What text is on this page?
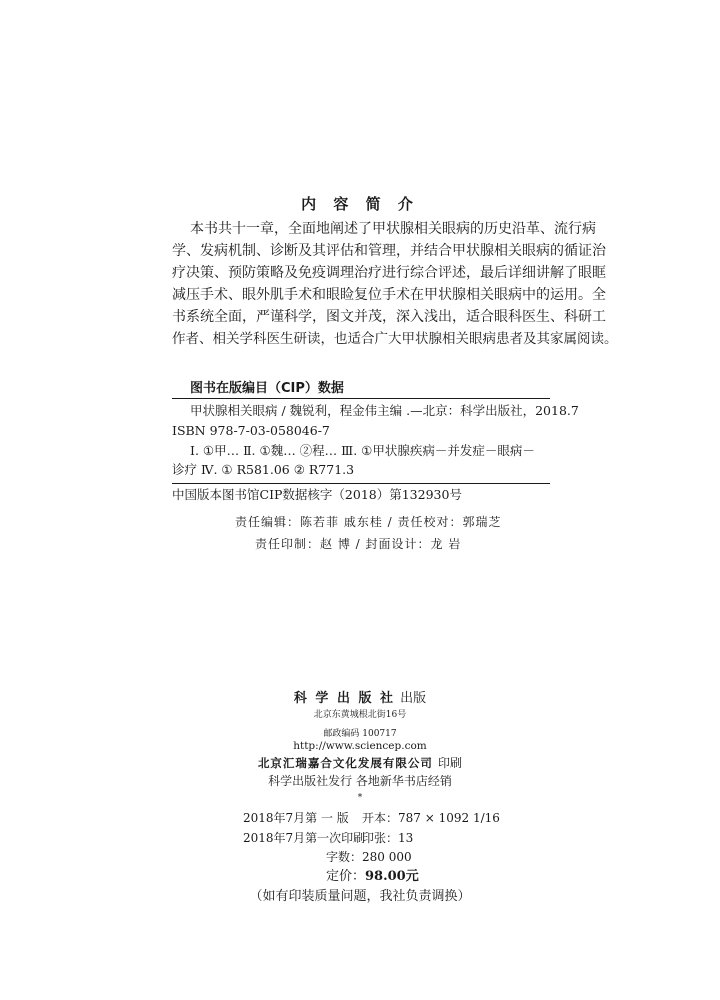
内 容 简 介
本书共十一章，全面地阐述了甲状腺相关眼病的历史沿革、流行病
学、发病机制、诊断及其评估和管理，并结合甲状腺相关眼病的循证治
疗决策、预防策略及免疫调理治疗进行综合评述，最后详细讲解了眼眶
减压手术、眼外肌手术和眼睑复位手术在甲状腺相关眼病中的运用。全
书系统全面，严谨科学，图文并茂，深入浅出，适合眼科医生、科研工
作者、相关学科医生研读，也适合广大甲状腺相关眼病患者及其家属阅读。
图书在版编目（CIP）数据
甲状腺相关眼病 / 魏锐利，程金伟主编 .—北京：科学出版社，2018.7
ISBN 978-7-03-058046-7
Ⅰ. ①甲… Ⅱ. ①魏… ②程… Ⅲ. ①甲状腺疾病－并发症－眼病－
诊疗 Ⅳ. ① R581.06 ② R771.3
中国版本图书馆CIP数据核字（2018）第132930号
责任编辑：陈若菲 戚东桂 / 责任校对：郭瑞芝
责任印制：赵 博 / 封面设计：龙 岩
科 学 出 版 社 出版
北京东黄城根北街16号
邮政编码 100717
http://www.sciencep.com
北京汇瑞嘉合文化发展有限公司 印刷
科学出版社发行 各地新华书店经销
*
2018年7月第 一 版 开本：787 × 1092 1/16
2018年7月第一次印刷
印张：13
字数：280 000
定价：98.00元
（如有印装质量问题，我社负责调换）
